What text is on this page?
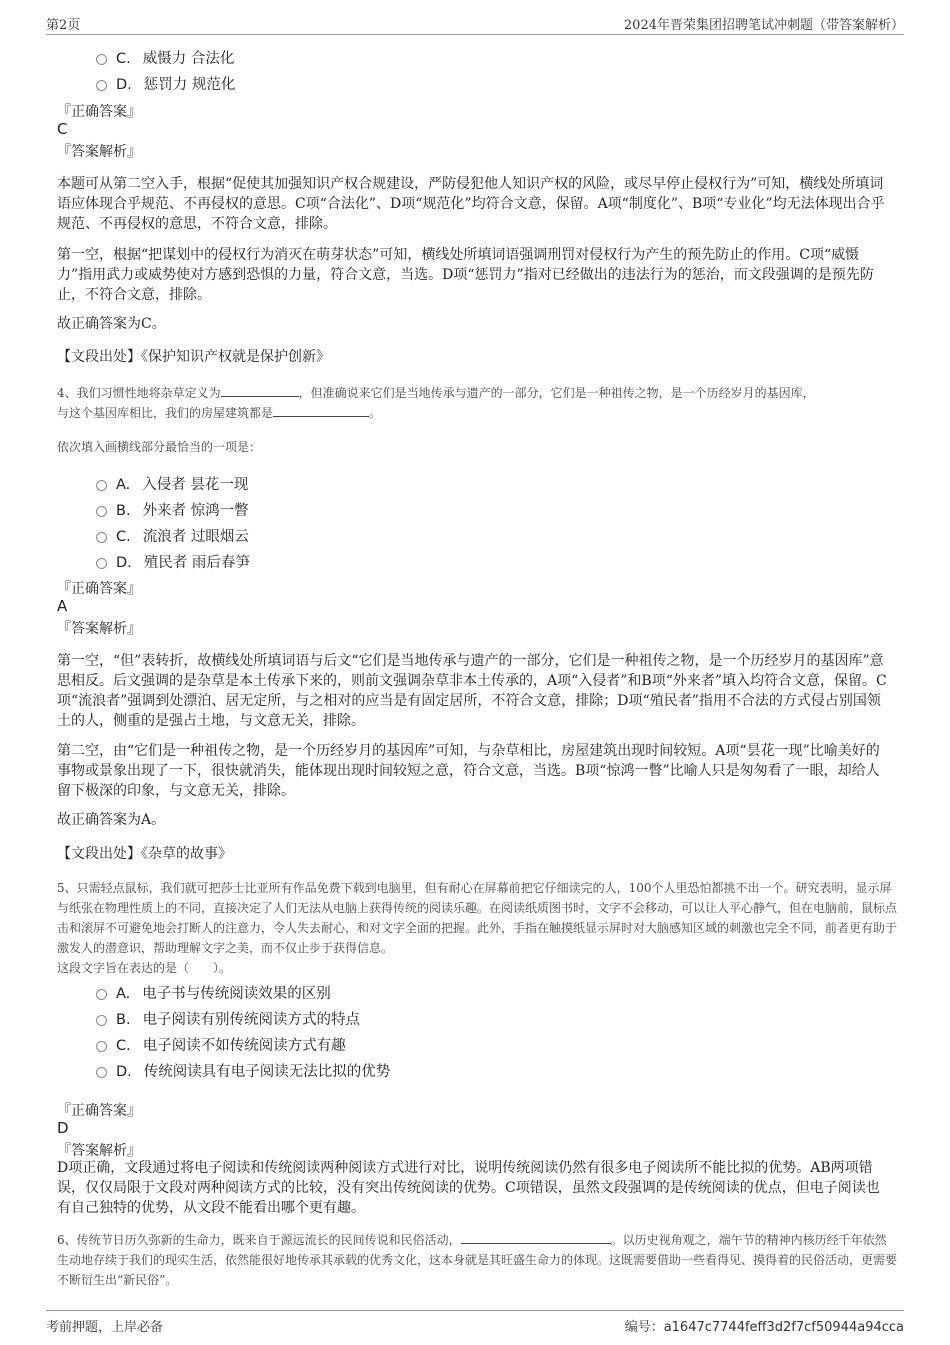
第2页	2024年晋荣集团招聘笔试冲刺题（带答案解析）
C. 威慑力 合法化
D. 惩罚力 规范化
『正确答案』
C
『答案解析』
本题可从第二空入手，根据“促使其加强知识产权合规建设，严防侵犯他人知识产权的风险，或尽早停止侵权行为”可知，横线处所填词语应体现合乎规范、不再侵权的意思。C项“合法化”、D项“规范化”均符合文意，保留。A项“制度化”、B项“专业化”均无法体现出合乎规范、不再侵权的意思，不符合文意，排除。
第一空，根据“把谋划中的侵权行为消灭在萌芽状态”可知，横线处所填词语强调刑罚对侵权行为产生的预先防止的作用。C项“威慑力”指用武力或威势使对方感到恐惧的力量，符合文意，当选。D项“惩罚力”指对已经做出的违法行为的惩治，而文段强调的是预先防止，不符合文意，排除。
故正确答案为C。
【文段出处】《保护知识产权就是保护创新》
4、我们习惯性地将杂草定义为	，但准确说来它们是当地传承与遗产的一部分，它们是一种祖传之物，是一个历经岁月的基因库，
与这个基因库相比，我们的房屋建筑都是	。
依次填入画横线部分最恰当的一项是：
A. 入侵者 昙花一现
B. 外来者 惊鸿一瞥
C. 流浪者 过眼烟云
D. 殖民者 雨后春笋
『正确答案』
A
『答案解析』
第一空，“但”表转折，故横线处所填词语与后文“它们是当地传承与遗产的一部分，它们是一种祖传之物，是一个历经岁月的基因库”意思相反。后文强调的是杂草是本土传承下来的，则前文强调杂草非本土传承的，A项“入侵者”和B项“外来者”填入均符合文意，保留。C项“流浪者”强调到处漂泊、居无定所，与之相对的应当是有固定居所，不符合文意，排除；D项“殖民者”指用不合法的方式侵占别国领土的人，侧重的是强占土地，与文意无关，排除。
第二空，由“它们是一种祖传之物，是一个历经岁月的基因库”可知，与杂草相比，房屋建筑出现时间较短。A项“昙花一现”比喻美好的事物或景象出现了一下，很快就消失，能体现出现时间较短之意，符合文意，当选。B项“惊鸿一瞥”比喻人只是匆匆看了一眼，却给人留下极深的印象，与文意无关，排除。
故正确答案为A。
【文段出处】《杂草的故事》
5、只需轻点鼠标，我们就可把莎士比亚所有作品免费下载到电脑里，但有耐心在屏幕前把它仔细读完的人，100个人里恐怕都挑不出一个。研究表明，显示屏与纸张在物理性质上的不同，直接决定了人们无法从电脑上获得传统的阅读乐趣。在阅读纸质图书时，文字不会移动，可以让人平心静气，但在电脑前，鼠标点击和滚屏不可避免地会打断人的注意力，令人失去耐心，和对文字全面的把握。此外，手指在触摸纸显示屏时对大脑感知区域的刺激也完全不同，前者更有助于激发人的潜意识，帮助理解文字之美，而不仅止步于获得信息。
这段文字旨在表达的是（　　）。
A. 电子书与传统阅读效果的区别
B. 电子阅读有别传统阅读方式的特点
C. 电子阅读不如传统阅读方式有趣
D. 传统阅读具有电子阅读无法比拟的优势
『正确答案』
D
『答案解析』
D项正确，文段通过将电子阅读和传统阅读两种阅读方式进行对比，说明传统阅读仍然有很多电子阅读所不能比拟的优势。AB两项错误，仅仅局限于文段对两种阅读方式的比较，没有突出传统阅读的优势。C项错误，虽然文段强调的是传统阅读的优点，但电子阅读也有自己独特的优势，从文段不能看出哪个更有趣。
6、传统节日历久弥新的生命力，既来自于源远流长的民间传说和民俗活动，	。以历史视角观之，端午节的精神内核历经千年依然生动地存续于我们的现实生活，依然能很好地传承其承载的优秀文化，这本身就是其旺盛生命力的体现。这既需要借助一些看得见、摸得着的民俗活动，更需要不断衍生出“新民俗”。
考前押题，上岸必备	编号：a1647c7744feff3d2f7cf50944a94cca
